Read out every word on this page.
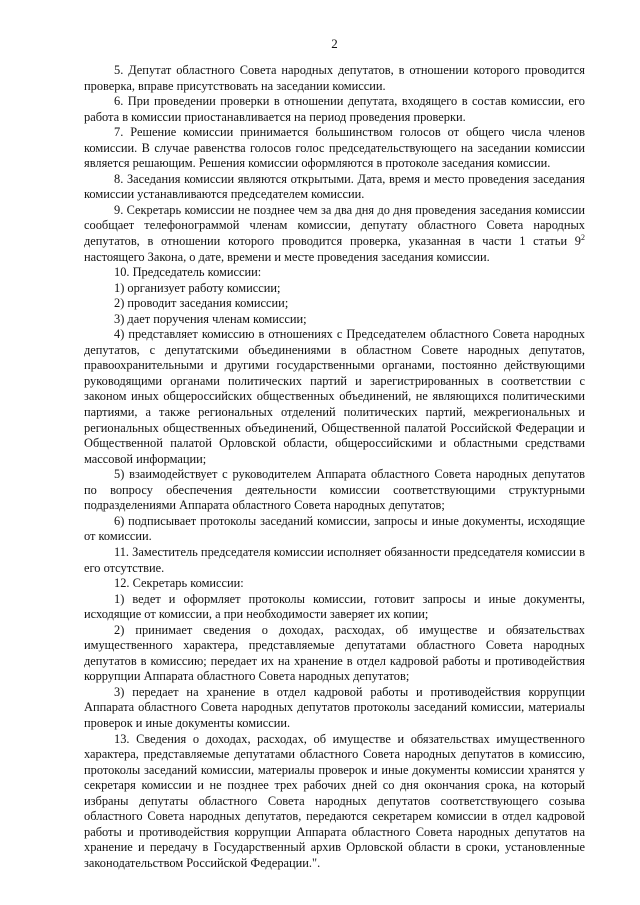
2

5. Депутат областного Совета народных депутатов, в отношении которого проводится проверка, вправе присутствовать на заседании комиссии.

6. При проведении проверки в отношении депутата, входящего в состав комиссии, его работа в комиссии приостанавливается на период проведения проверки.

7. Решение комиссии принимается большинством голосов от общего числа членов комиссии. В случае равенства голосов голос председательствующего на заседании комиссии является решающим. Решения комиссии оформляются в протоколе заседания комиссии.

8. Заседания комиссии являются открытыми. Дата, время и место проведения заседания комиссии устанавливаются председателем комиссии.

9. Секретарь комиссии не позднее чем за два дня до дня проведения заседания комиссии сообщает телефонограммой членам комиссии, депутату областного Совета народных депутатов, в отношении которого проводится проверка, указанная в части 1 статьи $9^2$ настоящего Закона, о дате, времени и месте проведения заседания комиссии.

10. Председатель комиссии:

1) организует работу комиссии;

2) проводит заседания комиссии;

3) дает поручения членам комиссии;

4) представляет комиссию в отношениях с Председателем областного Совета народных депутатов, с депутатскими объединениями в областном Совете народных депутатов, правоохранительными и другими государственными органами, постоянно действующими руководящими органами политических партий и зарегистрированных в соответствии с законом иных общероссийских общественных объединений, не являющихся политическими партиями, а также региональных отделений политических партий, межрегиональных и региональных общественных объединений, Общественной палатой Российской Федерации и Общественной палатой Орловской области, общероссийскими и областными средствами массовой информации;

5) взаимодействует с руководителем Аппарата областного Совета народных депутатов по вопросу обеспечения деятельности комиссии соответствующими структурными подразделениями Аппарата областного Совета народных депутатов;

6) подписывает протоколы заседаний комиссии, запросы и иные документы, исходящие от комиссии.

11. Заместитель председателя комиссии исполняет обязанности председателя комиссии в его отсутствие.

12. Секретарь комиссии:

1) ведет и оформляет протоколы комиссии, готовит запросы и иные документы, исходящие от комиссии, а при необходимости заверяет их копии;

2) принимает сведения о доходах, расходах, об имуществе и обязательствах имущественного характера, представляемые депутатами областного Совета народных депутатов в комиссию; передает их на хранение в отдел кадровой работы и противодействия коррупции Аппарата областного Совета народных депутатов;

3) передает на хранение в отдел кадровой работы и противодействия коррупции Аппарата областного Совета народных депутатов протоколы заседаний комиссии, материалы проверок и иные документы комиссии.

13. Сведения о доходах, расходах, об имуществе и обязательствах имущественного характера, представляемые депутатами областного Совета народных депутатов в комиссию, протоколы заседаний комиссии, материалы проверок и иные документы комиссии хранятся у секретаря комиссии и не позднее трех рабочих дней со дня окончания срока, на который избраны депутаты областного Совета народных депутатов соответствующего созыва областного Совета народных депутатов, передаются секретарем комиссии в отдел кадровой работы и противодействия коррупции Аппарата областного Совета народных депутатов на хранение и передачу в Государственный архив Орловской области в сроки, установленные законодательством Российской Федерации.".
